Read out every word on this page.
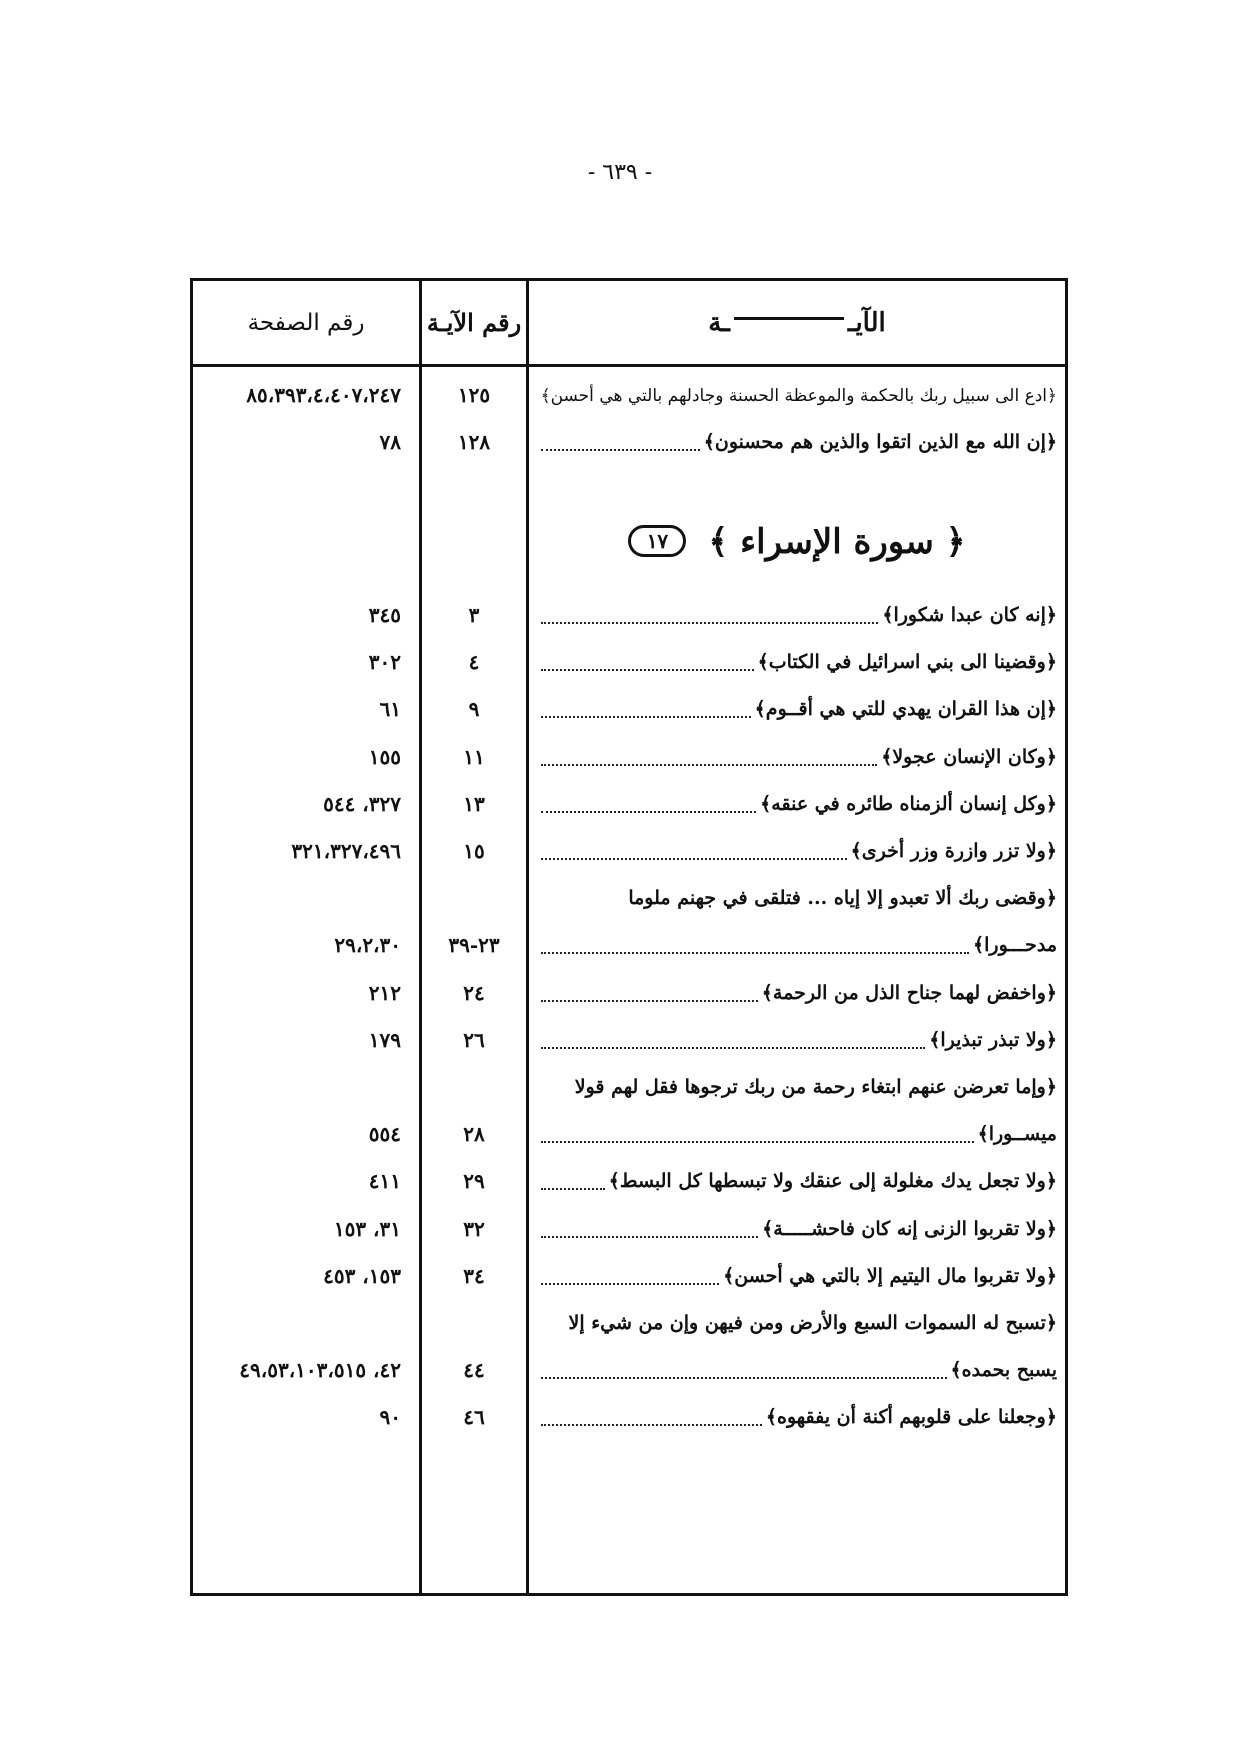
- ٦٣٩ -
الآيـ
ـة
رقم الآيـة
رقم الصفحة
﴿ادع الى سبيل ربك بالحكمة والموعظة الحسنة وجادلهم بالتي هي أحسن﴾
١٢٥
٨٥،٣٩٣،٤،٤٠٧،٢٤٧
﴿إن الله مع الذين اتقوا والذين هم محسنون﴾
١٢٨
٧٨
﴿ سورة الإسراء ﴾
١٧
﴿إنه كان عبدا شكورا﴾
٣
٣٤٥
﴿وقضينا الى بني اسرائيل في الكتاب﴾
٤
٣٠٢
﴿إن هذا القران يهدي للتي هي أقــوم﴾
٩
٦١
﴿وكان الإنسان عجولا﴾
١١
١٥٥
﴿وكل إنسان ألزمناه طائره في عنقه﴾
١٣
٣٢٧، ٥٤٤
﴿ولا تزر وازرة وزر أخرى﴾
١٥
٣٢١،٣٢٧،٤٩٦
﴿وقضى ربك ألا تعبدو إلا إياه ... فتلقى في جهنم ملوما
مدحـــورا﴾
٢٣-٣٩
٢٩،٢،٣٠
﴿واخفض لهما جناح الذل من الرحمة﴾
٢٤
٢١٢
﴿ولا تبذر تبذيرا﴾
٢٦
١٧٩
﴿وإما تعرضن عنهم ابتغاء رحمة من ربك ترجوها فقل لهم قولا
ميســورا﴾
٢٨
٥٥٤
﴿ولا تجعل يدك مغلولة إلى عنقك ولا تبسطها كل البسط﴾
٢٩
٤١١
﴿ولا تقربوا الزنى إنه كان فاحشـــــة﴾
٣٢
٣١، ١٥٣
﴿ولا تقربوا مال اليتيم إلا بالتي هي أحسن﴾
٣٤
١٥٣، ٤٥٣
﴿تسبح له السموات السبع والأرض ومن فيهن وإن من شيء إلا
يسبح بحمده﴾
٤٤
٤٢، ٤٩،٥٣،١٠٣،٥١٥
﴿وجعلنا على قلوبهم أكنة أن يفقهوه﴾
٤٦
٩٠
